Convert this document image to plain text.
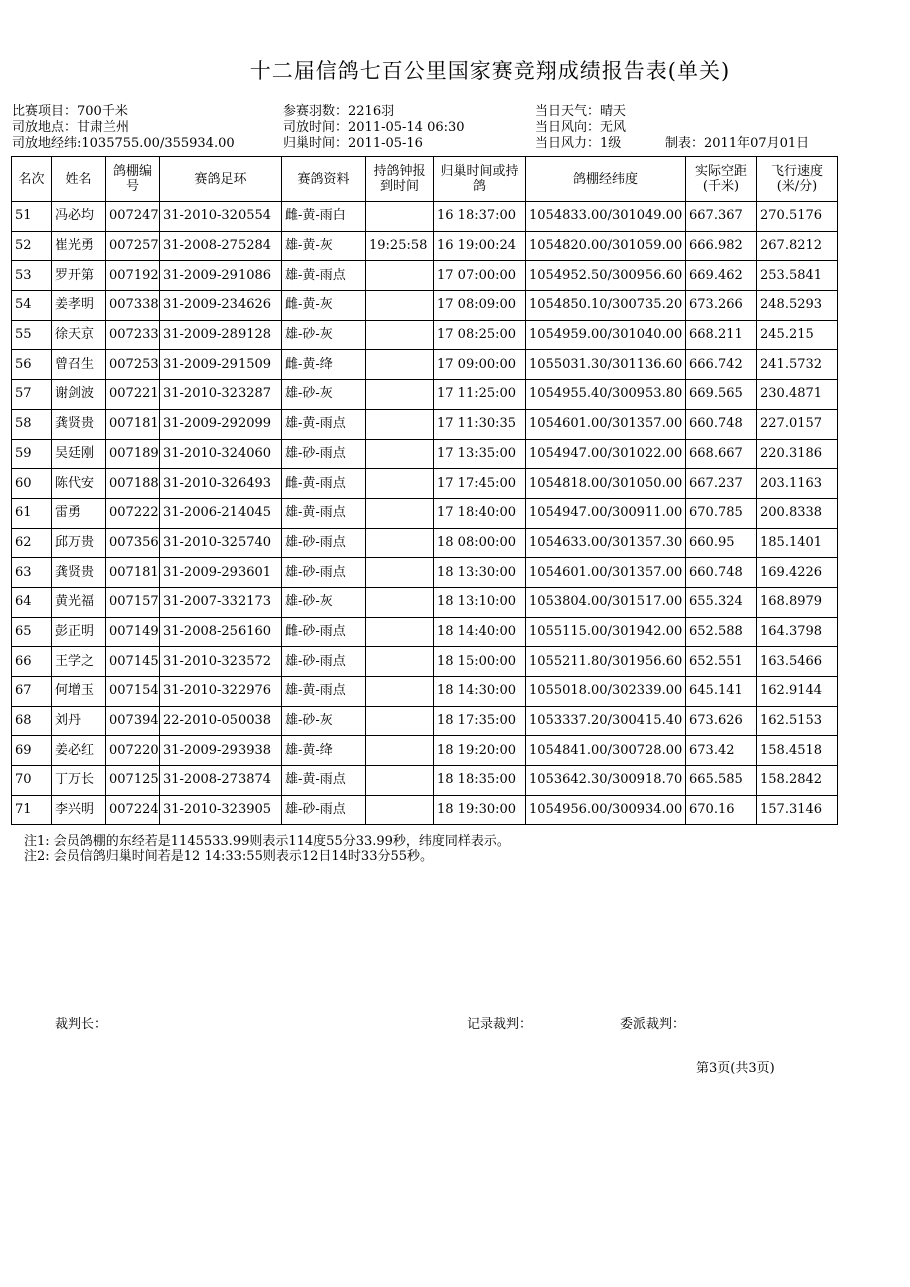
十二届信鸽七百公里国家赛竞翔成绩报告表(单关)
比赛项目：700千米	参赛羽数：2216羽	当日天气：晴天
司放地点：甘肃兰州	司放时间：2011-05-14 06:30	当日风向：无风
司放地经纬:1035755.00/355934.00	归巢时间：2011-05-16	当日风力：1级	制表：2011年07月01日
名次	姓名	鸽棚编号	赛鸽足环	赛鸽资料	持鸽钟报到时间	归巢时间或持鸽	鸽棚经纬度	实际空距(千米)	飞行速度(米/分)
51	冯必均	007247	31-2010-320554	雌-黄-雨白		16 18:37:00	1054833.00/301049.00	667.367	270.5176
52	崔光勇	007257	31-2008-275284	雄-黄-灰	19:25:58	16 19:00:24	1054820.00/301059.00	666.982	267.8212
53	罗开第	007192	31-2009-291086	雄-黄-雨点		17 07:00:00	1054952.50/300956.60	669.462	253.5841
54	姜孝明	007338	31-2009-234626	雌-黄-灰		17 08:09:00	1054850.10/300735.20	673.266	248.5293
55	徐天京	007233	31-2009-289128	雄-砂-灰		17 08:25:00	1054959.00/301040.00	668.211	245.215
56	曾召生	007253	31-2009-291509	雌-黄-绛		17 09:00:00	1055031.30/301136.60	666.742	241.5732
57	谢剑波	007221	31-2010-323287	雄-砂-灰		17 11:25:00	1054955.40/300953.80	669.565	230.4871
58	龚贤贵	007181	31-2009-292099	雄-黄-雨点		17 11:30:35	1054601.00/301357.00	660.748	227.0157
59	吴廷刚	007189	31-2010-324060	雄-砂-雨点		17 13:35:00	1054947.00/301022.00	668.667	220.3186
60	陈代安	007188	31-2010-326493	雌-黄-雨点		17 17:45:00	1054818.00/301050.00	667.237	203.1163
61	雷勇	007222	31-2006-214045	雄-黄-雨点		17 18:40:00	1054947.00/300911.00	670.785	200.8338
62	邱万贵	007356	31-2010-325740	雄-砂-雨点		18 08:00:00	1054633.00/301357.30	660.95	185.1401
63	龚贤贵	007181	31-2009-293601	雄-砂-雨点		18 13:30:00	1054601.00/301357.00	660.748	169.4226
64	黄光福	007157	31-2007-332173	雄-砂-灰		18 13:10:00	1053804.00/301517.00	655.324	168.8979
65	彭正明	007149	31-2008-256160	雌-砂-雨点		18 14:40:00	1055115.00/301942.00	652.588	164.3798
66	王学之	007145	31-2010-323572	雄-砂-雨点		18 15:00:00	1055211.80/301956.60	652.551	163.5466
67	何增玉	007154	31-2010-322976	雄-黄-雨点		18 14:30:00	1055018.00/302339.00	645.141	162.9144
68	刘丹	007394	22-2010-050038	雄-砂-灰		18 17:35:00	1053337.20/300415.40	673.626	162.5153
69	姜必红	007220	31-2009-293938	雄-黄-绛		18 19:20:00	1054841.00/300728.00	673.42	158.4518
70	丁万长	007125	31-2008-273874	雄-黄-雨点		18 18:35:00	1053642.30/300918.70	665.585	158.2842
71	李兴明	007224	31-2010-323905	雄-砂-雨点		18 19:30:00	1054956.00/300934.00	670.16	157.3146
注1: 会员鸽棚的东经若是1145533.99则表示114度55分33.99秒，纬度同样表示。
注2: 会员信鸽归巢时间若是12 14:33:55则表示12日14时33分55秒。
裁判长：	记录裁判：	委派裁判：
第3页(共3页)
